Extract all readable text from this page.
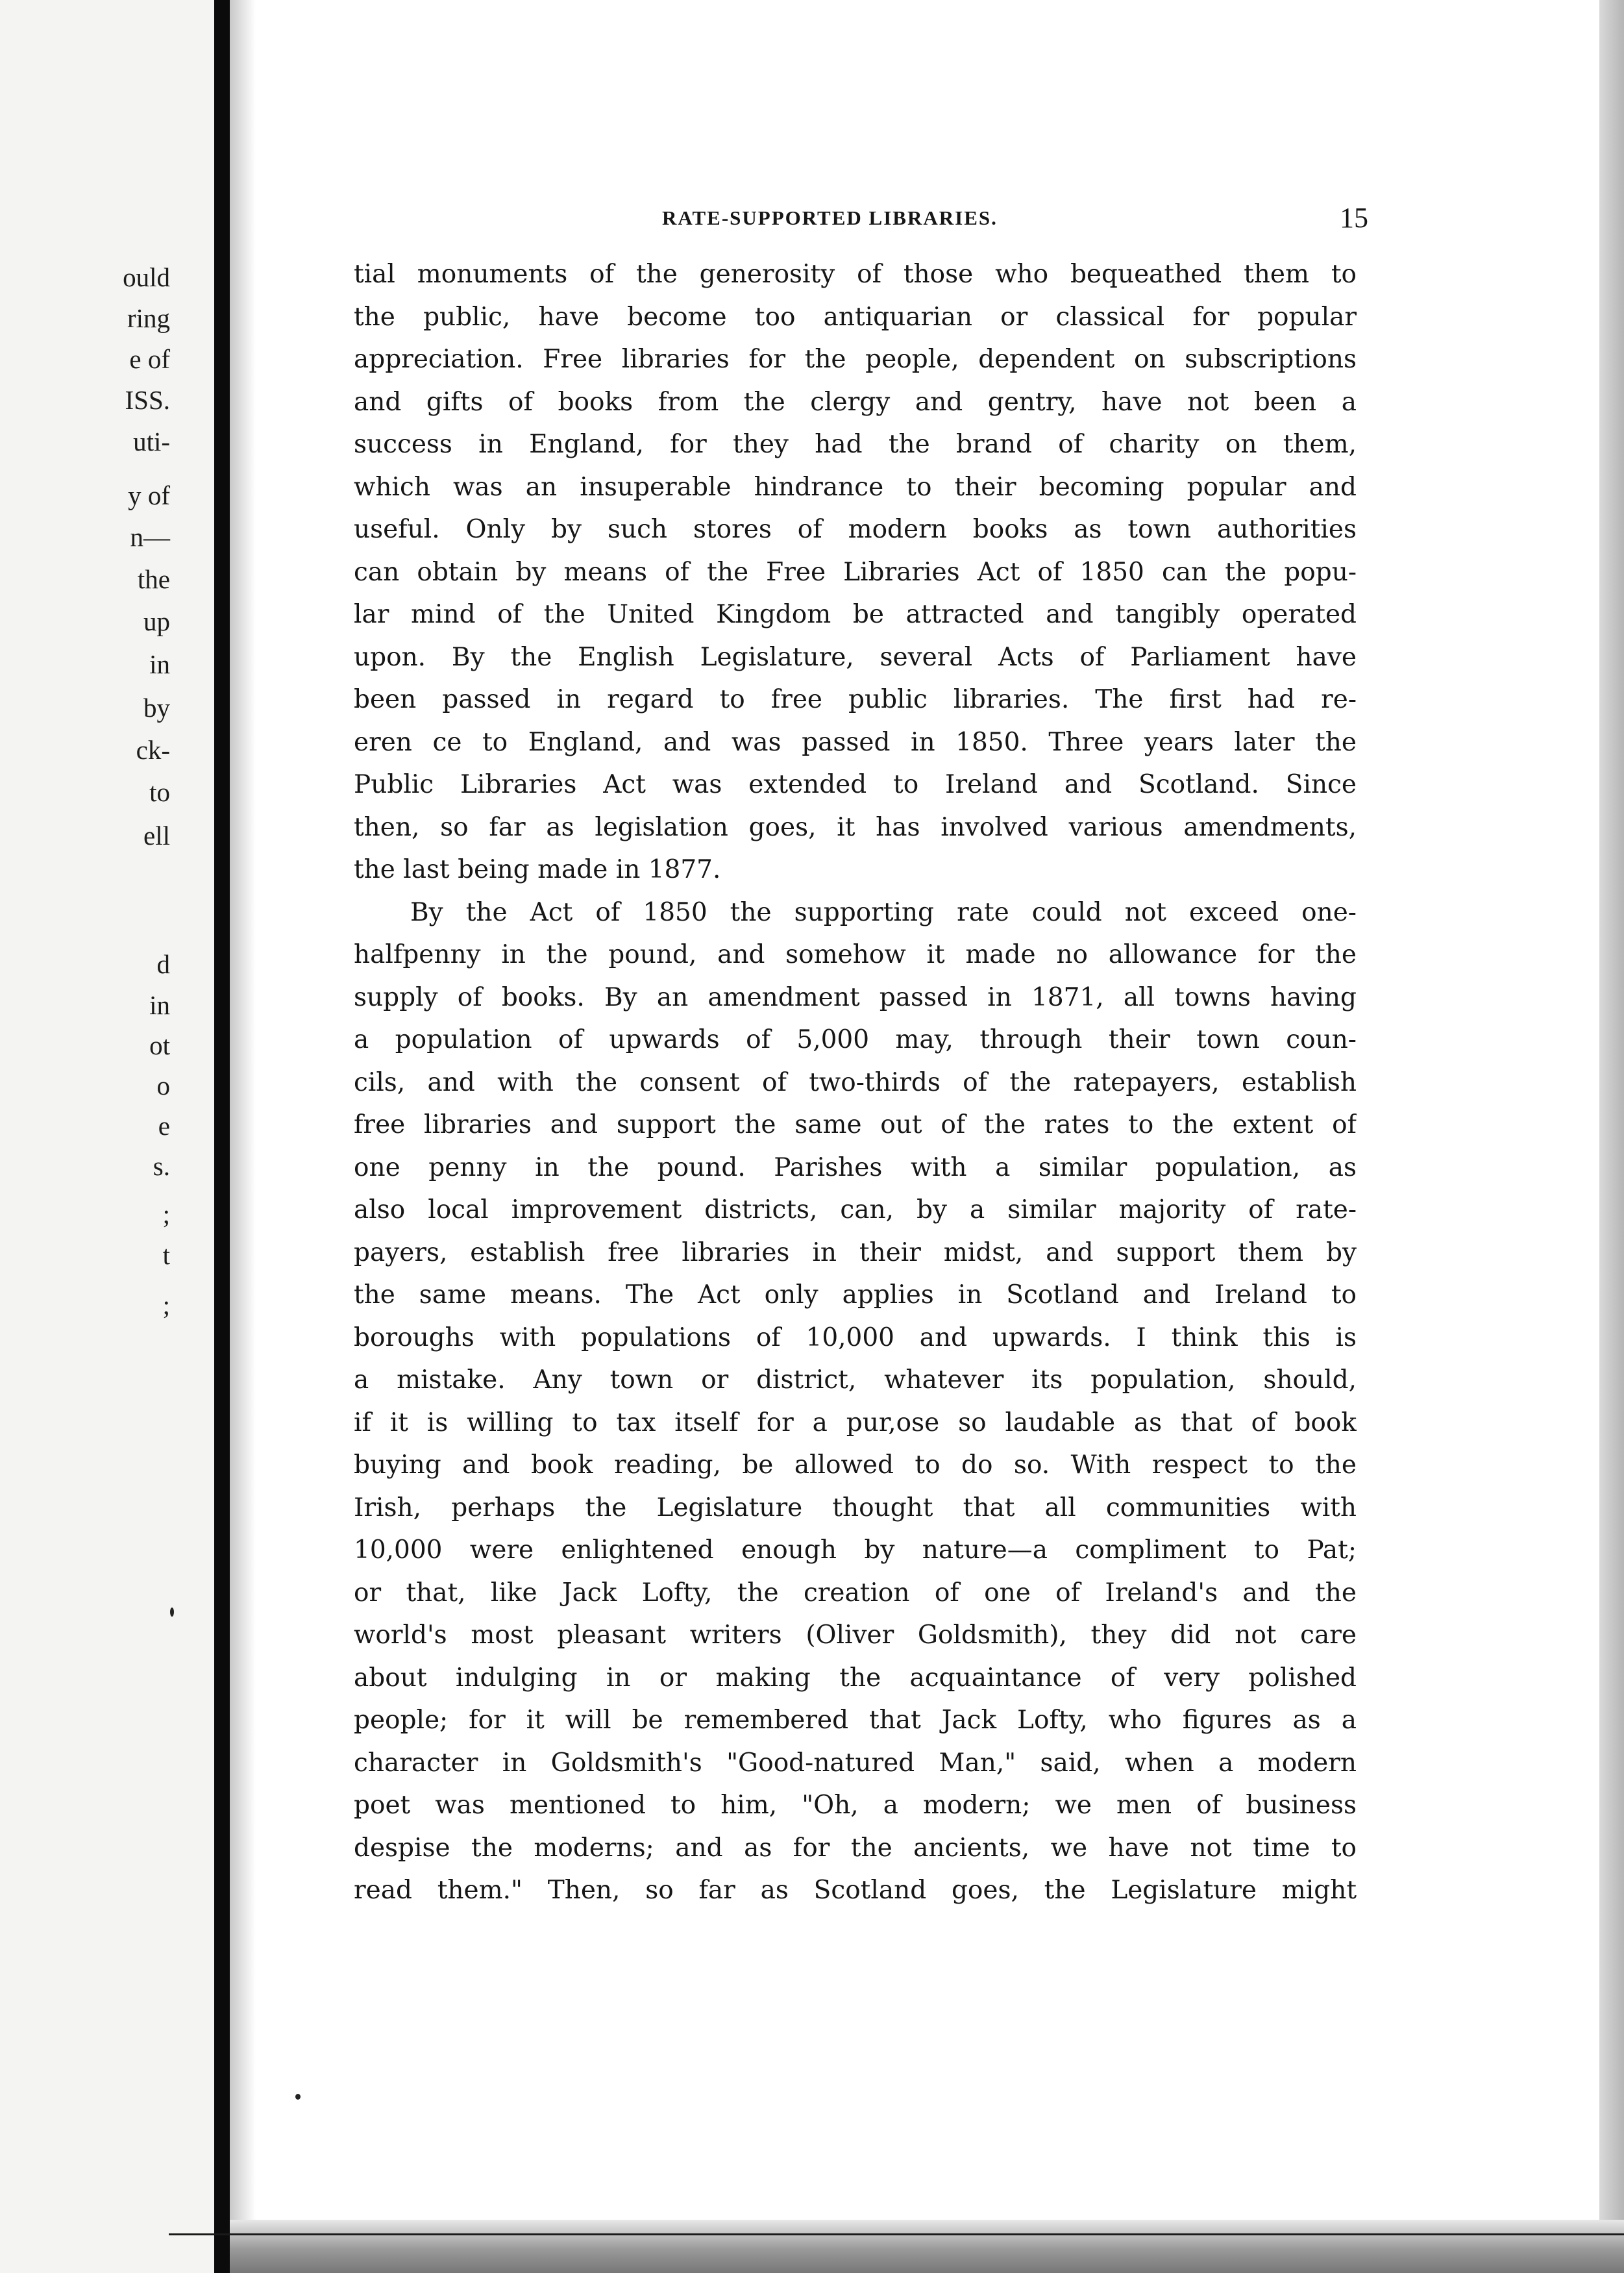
ould
ring
e of
ISS.
uti-
y of
n—
the
up
in
by
ck-
to
ell
d
in
ot
o
e
s.
;
t
;
RATE-SUPPORTED LIBRARIES.	15
tial monuments of the generosity of those who bequeathed them to
the public, have become too antiquarian or classical for popular
appreciation. Free libraries for the people, dependent on subscriptions
and gifts of books from the clergy and gentry, have not been a
success in England, for they had the brand of charity on them,
which was an insuperable hindrance to their becoming popular and
useful. Only by such stores of modern books as town authorities
can obtain by means of the Free Libraries Act of 1850 can the popu-
lar mind of the United Kingdom be attracted and tangibly operated
upon. By the English Legislature, several Acts of Parliament have
been passed in regard to free public libraries. The first had re-
eren ce to England, and was passed in 1850. Three years later the
Public Libraries Act was extended to Ireland and Scotland. Since
then, so far as legislation goes, it has involved various amendments,
the last being made in 1877.
By the Act of 1850 the supporting rate could not exceed one-
halfpenny in the pound, and somehow it made no allowance for the
supply of books. By an amendment passed in 1871, all towns having
a population of upwards of 5,000 may, through their town coun-
cils, and with the consent of two-thirds of the ratepayers, establish
free libraries and support the same out of the rates to the extent of
one penny in the pound. Parishes with a similar population, as
also local improvement districts, can, by a similar majority of rate-
payers, establish free libraries in their midst, and support them by
the same means. The Act only applies in Scotland and Ireland to
boroughs with populations of 10,000 and upwards. I think this is
a mistake. Any town or district, whatever its population, should,
if it is willing to tax itself for a pur,ose so laudable as that of book
buying and book reading, be allowed to do so. With respect to the
Irish, perhaps the Legislature thought that all communities with
10,000 were enlightened enough by nature—a compliment to Pat;
or that, like Jack Lofty, the creation of one of Ireland's and the
world's most pleasant writers (Oliver Goldsmith), they did not care
about indulging in or making the acquaintance of very polished
people; for it will be remembered that Jack Lofty, who figures as a
character in Goldsmith's "Good-natured Man," said, when a modern
poet was mentioned to him, "Oh, a modern; we men of business
despise the moderns; and as for the ancients, we have not time to
read them." Then, so far as Scotland goes, the Legislature might
